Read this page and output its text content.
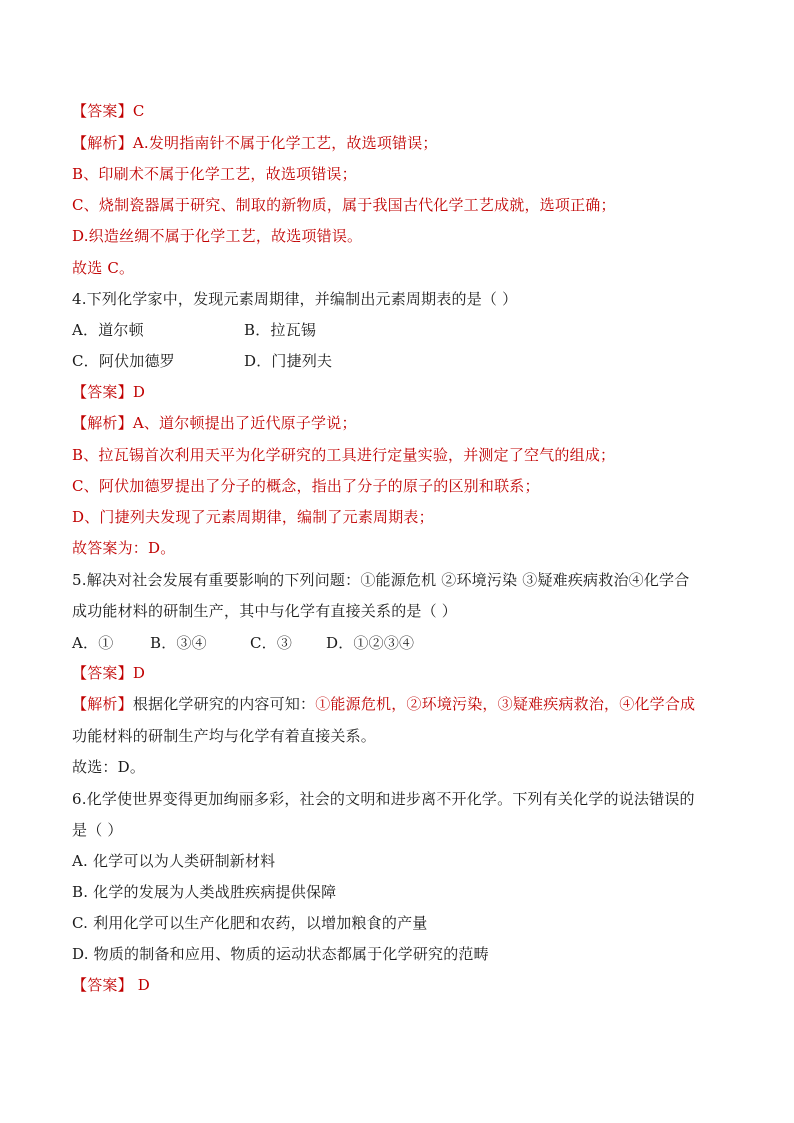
【答案】C
【解析】A.发明指南针不属于化学工艺，故选项错误；
B、印刷术不属于化学工艺，故选项错误；
C、烧制瓷器属于研究、制取的新物质，属于我国古代化学工艺成就，选项正确；
D.织造丝绸不属于化学工艺，故选项错误。
故选 C。
4.下列化学家中，发现元素周期律，并编制出元素周期表的是（ ）
A．道尔顿	B．拉瓦锡
C．阿伏加德罗	D．门捷列夫
【答案】D
【解析】A、道尔顿提出了近代原子学说；
B、拉瓦锡首次利用天平为化学研究的工具进行定量实验，并测定了空气的组成；
C、阿伏加德罗提出了分子的概念，指出了分子的原子的区别和联系；
D、门捷列夫发现了元素周期律，编制了元素周期表；
故答案为：D。
5.解决对社会发展有重要影响的下列问题：①能源危机 ②环境污染 ③疑难疾病救治④化学合
成功能材料的研制生产，其中与化学有直接关系的是（ ）
A．① B．③④	C．③ D．①②③④
【答案】D
【解析】根据化学研究的内容可知：①能源危机，②环境污染，③疑难疾病救治，④化学合成
功能材料的研制生产均与化学有着直接关系。
故选：D。
6.化学使世界变得更加绚丽多彩，社会的文明和进步离不开化学。下列有关化学的说法错误的
是（ ）
A. 化学可以为人类研制新材料
B. 化学的发展为人类战胜疾病提供保障
C. 利用化学可以生产化肥和农药，以增加粮食的产量
D. 物质的制备和应用、物质的运动状态都属于化学研究的范畴
【答案】 D
